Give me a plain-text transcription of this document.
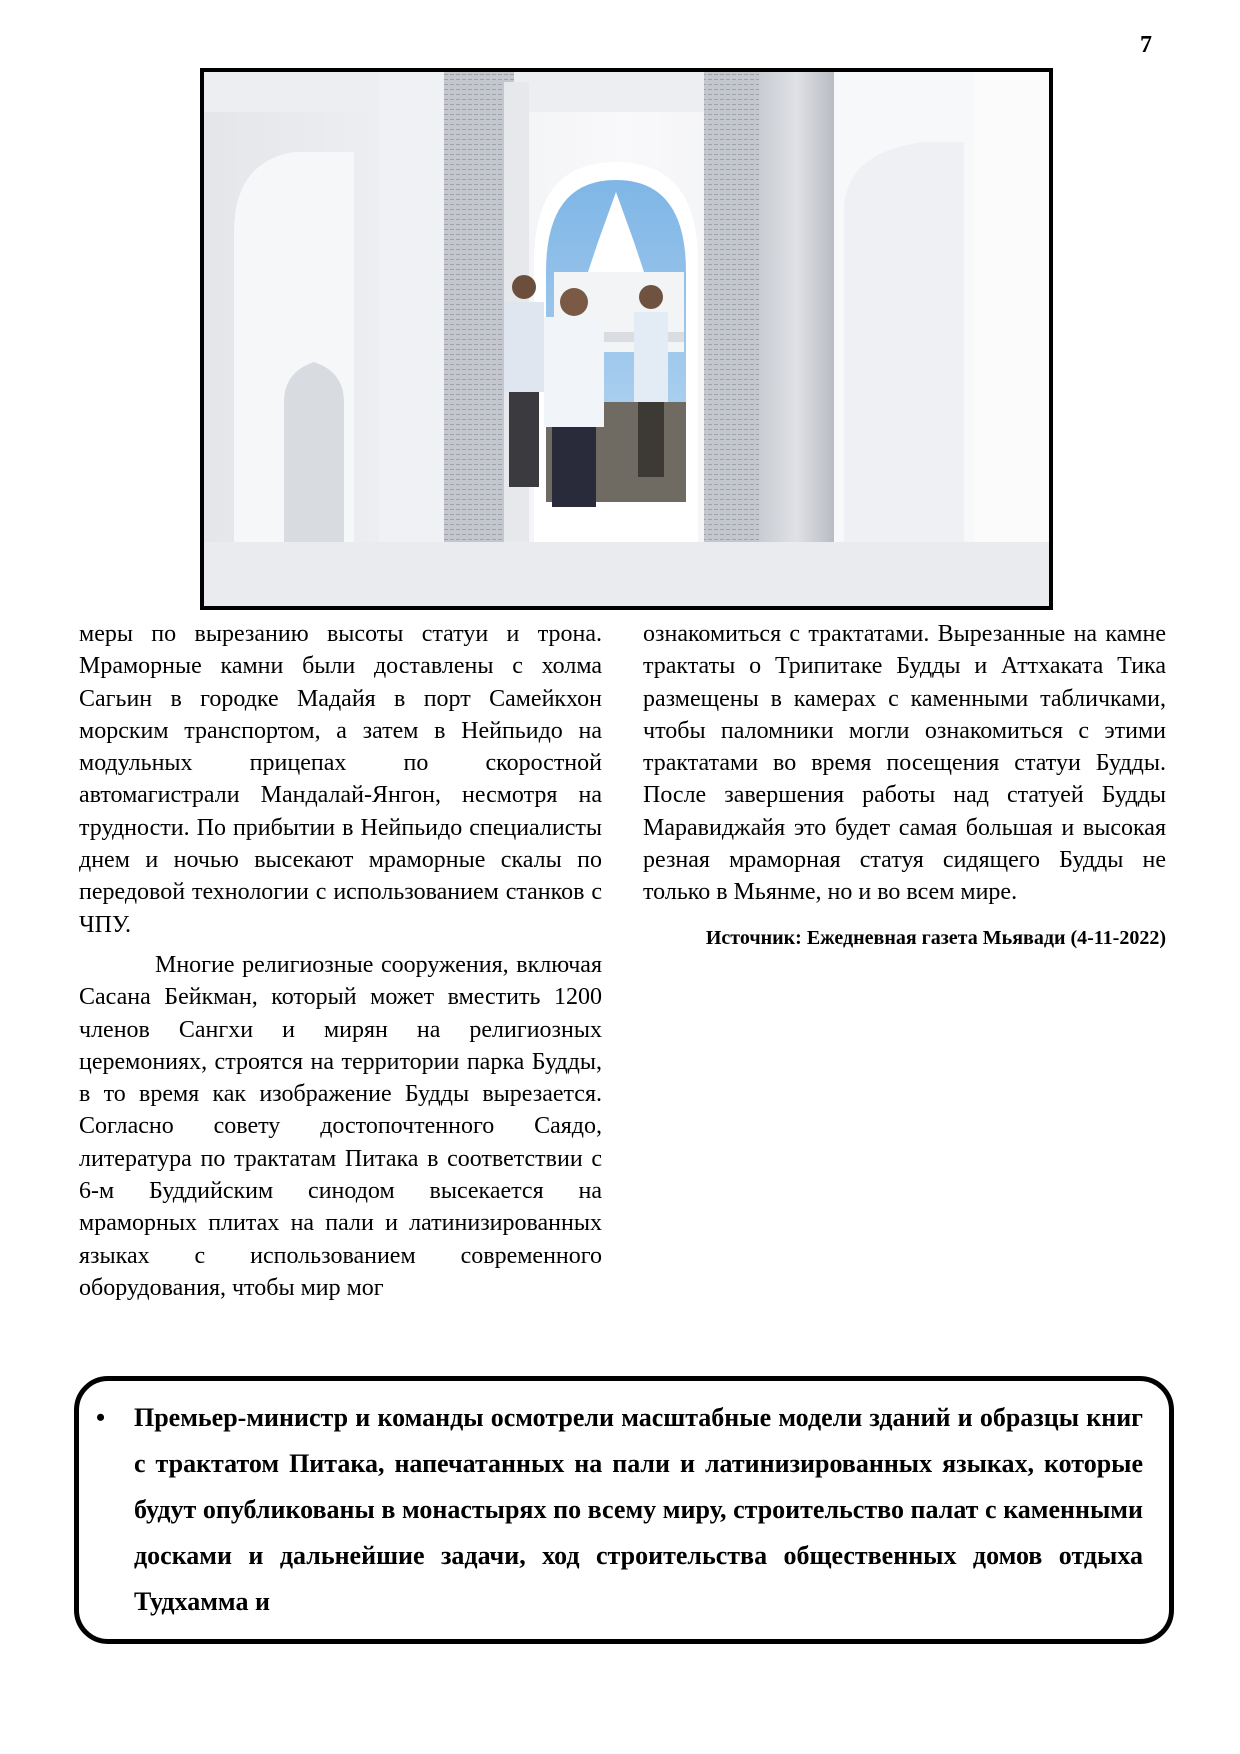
7

меры по вырезанию высоты статуи и трона. Мраморные камни были доставлены с холма Сагьин в городке Мадайя в порт Самейкхон морским транспортом, а затем в Нейпьидо на модульных прицепах по скоростной автомагистрали Мандалай-Янгон, несмотря на трудности. По прибытии в Нейпьидо специалисты днем и ночью высекают мраморные скалы по передовой технологии с использованием станков с ЧПУ.

Многие религиозные сооружения, включая Сасана Бейкман, который может вместить 1200 членов Сангхи и мирян на религиозных церемониях, строятся на территории парка Будды, в то время как изображение Будды вырезается. Согласно совету достопочтенного Саядо, литература по трактатам Питака в соответствии с 6-м Буддийским синодом высекается на мраморных плитах на пали и латинизированных языках с использованием современного оборудования, чтобы мир мог

ознакомиться с трактатами. Вырезанные на камне трактаты о Трипитаке Будды и Аттхаката Тика размещены в камерах с каменными табличками, чтобы паломники могли ознакомиться с этими трактатами во время посещения статуи Будды. После завершения работы над статуей Будды Маравиджайя это будет самая большая и высокая резная мраморная статуя сидящего Будды не только в Мьянме, но и во всем мире.

Источник: Ежедневная газета Мьявади (4-11-2022)
• Премьер-министр и команды осмотрели масштабные модели зданий и образцы книг с трактатом Питака, напечатанных на пали и латинизированных языках, которые будут опубликованы в монастырях по всему миру, строительство палат с каменными досками и дальнейшие задачи, ход строительства общественных домов отдыха Тудхамма и
